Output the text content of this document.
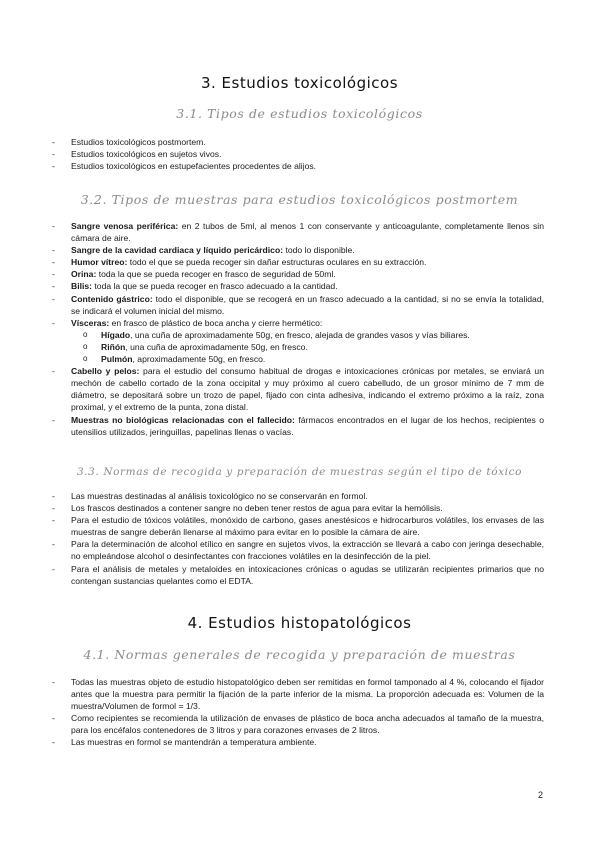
3. Estudios toxicológicos
3.1. Tipos de estudios toxicológicos
- Estudios toxicológicos postmortem.
- Estudios toxicológicos en sujetos vivos.
- Estudios toxicológicos en estupefacientes procedentes de alijos.
3.2. Tipos de muestras para estudios toxicológicos postmortem
- Sangre venosa periférica: en 2 tubos de 5ml, al menos 1 con conservante y anticoagulante, completamente llenos sin cámara de aire.
- Sangre de la cavidad cardiaca y líquido pericárdico: todo lo disponible.
- Humor vítreo: todo el que se pueda recoger sin dañar estructuras oculares en su extracción.
- Orina: toda la que se pueda recoger en frasco de seguridad de 50ml.
- Bilis: toda la que se pueda recoger en frasco adecuado a la cantidad.
- Contenido gástrico: todo el disponible, que se recogerá en un frasco adecuado a la cantidad, si no se envía la totalidad, se indicará el volumen inicial del mismo.
- Vísceras: en frasco de plástico de boca ancha y cierre hermético:
o Hígado, una cuña de aproximadamente 50g, en fresco, alejada de grandes vasos y vías biliares.
o Riñón, una cuña de aproximadamente 50g, en fresco.
o Pulmón, aproximadamente 50g, en fresco.
- Cabello y pelos: para el estudio del consumo habitual de drogas e intoxicaciones crónicas por metales, se enviará un mechón de cabello cortado de la zona occipital y muy próximo al cuero cabelludo, de un grosor mínimo de 7 mm de diámetro, se depositará sobre un trozo de papel, fijado con cinta adhesiva, indicando el extremo próximo a la raíz, zona proximal, y el extremo de la punta, zona distal.
- Muestras no biológicas relacionadas con el fallecido: fármacos encontrados en el lugar de los hechos, recipientes o utensilios utilizados, jeringuillas, papelinas llenas o vacías.
3.3. Normas de recogida y preparación de muestras según el tipo de tóxico
- Las muestras destinadas al análisis toxicológico no se conservarán en formol.
- Los frascos destinados a contener sangre no deben tener restos de agua para evitar la hemólisis.
- Para el estudio de tóxicos volátiles, monóxido de carbono, gases anestésicos e hidrocarburos volátiles, los envases de las muestras de sangre deberán llenarse al máximo para evitar en lo posible la cámara de aire.
- Para la determinación de alcohol etílico en sangre en sujetos vivos, la extracción se llevará a cabo con jeringa desechable, no empleándose alcohol o desinfectantes con fracciones volátiles en la desinfección de la piel.
- Para el análisis de metales y metaloides en intoxicaciones crónicas o agudas se utilizarán recipientes primarios que no contengan sustancias quelantes como el EDTA.
4. Estudios histopatológicos
4.1. Normas generales de recogida y preparación de muestras
- Todas las muestras objeto de estudio histopatológico deben ser remitidas en formol tamponado al 4 %, colocando el fijador antes que la muestra para permitir la fijación de la parte inferior de la misma. La proporción adecuada es: Volumen de la muestra/Volumen de formol = 1/3.
- Como recipientes se recomienda la utilización de envases de plástico de boca ancha adecuados al tamaño de la muestra, para los encéfalos contenedores de 3 litros y para corazones envases de 2 litros.
- Las muestras en formol se mantendrán a temperatura ambiente.
2
